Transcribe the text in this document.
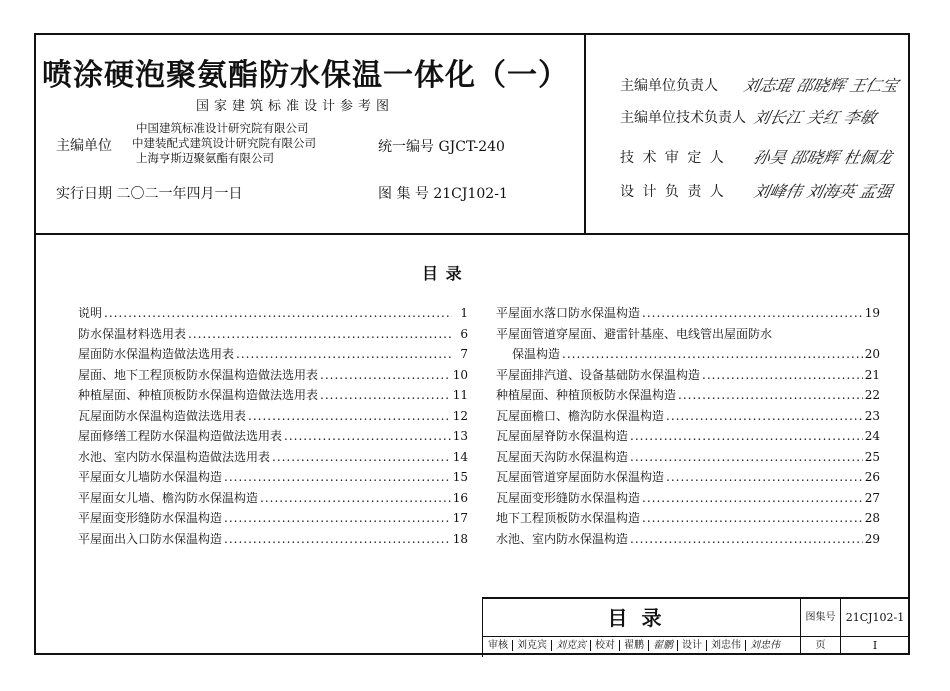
喷涂硬泡聚氨酯防水保温一体化（一）
国家建筑标准设计参考图
主编单位
中国建筑标准设计研究院有限公司
中建装配式建筑设计研究院有限公司
上海亨斯迈聚氨酯有限公司
统一编号 GJCT-240
实行日期 二〇二一年四月一日	图 集 号 21CJ102-1
主编单位负责人 刘志琨 邵晓辉 王仁宝
主编单位技术负责人 刘长江 关红 李敏
技 术 审 定 人 孙昊 邵晓辉 杜佩龙
设 计 负 责 人 刘峰伟 刘海英 孟强
目 录
说明 .....	1
防水保温材料选用表 .....	6
屋面防水保温构造做法选用表 .....	7
屋面、地下工程顶板防水保温构造做法选用表 .....	10
种植屋面、种植顶板防水保温构造做法选用表 .....	11
瓦屋面防水保温构造做法选用表 .....	12
屋面修缮工程防水保温构造做法选用表 .....	13
水池、室内防水保温构造做法选用表 .....	14
平屋面女儿墙防水保温构造 .....	15
平屋面女儿墙、檐沟防水保温构造 .....	16
平屋面变形缝防水保温构造 .....	17
平屋面出入口防水保温构造 .....	18
平屋面水落口防水保温构造 .....	19
平屋面管道穿屋面、避雷针基座、电线管出屋面防水
保温构造 .....	20
平屋面排汽道、设备基础防水保温构造 .....	21
种植屋面、种植顶板防水保温构造 .....	22
瓦屋面檐口、檐沟防水保温构造 .....	23
瓦屋面屋脊防水保温构造 .....	24
瓦屋面天沟防水保温构造 .....	25
瓦屋面管道穿屋面防水保温构造 .....	26
瓦屋面变形缝防水保温构造 .....	27
地下工程顶板防水保温构造 .....	28
水池、室内防水保温构造 .....	29
目录	图集号 21CJ102-1
审核 刘克宾 刘克宾 校对 翟鹏 翟鹏 设计 刘忠伟 刘忠伟	页	I
